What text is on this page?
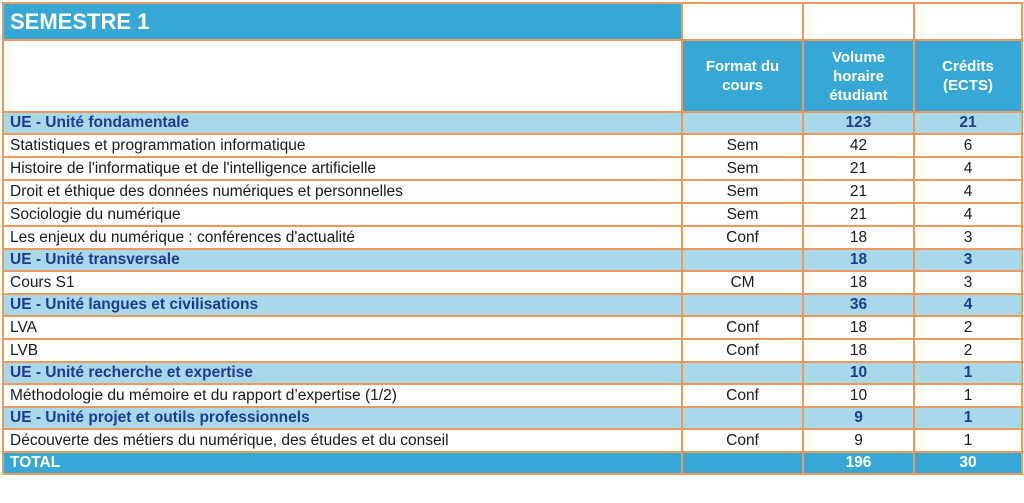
SEMESTRE 1			
	Format du cours	Volume horaire étudiant	Crédits (ECTS)
UE - Unité fondamentale		123	21
Statistiques et programmation informatique	Sem	42	6
Histoire de l'informatique et de l'intelligence artificielle	Sem	21	4
Droit et éthique des données numériques et personnelles	Sem	21	4
Sociologie du numérique	Sem	21	4
Les enjeux du numérique : conférences d'actualité	Conf	18	3
UE - Unité transversale		18	3
Cours S1	CM	18	3
UE - Unité langues et civilisations		36	4
LVA	Conf	18	2
LVB	Conf	18	2
UE - Unité recherche et expertise		10	1
Méthodologie du mémoire et du rapport d’expertise (1/2)	Conf	10	1
UE - Unité projet et outils professionnels		9	1
Découverte des métiers du numérique, des études et du conseil	Conf	9	1
TOTAL		196	30
